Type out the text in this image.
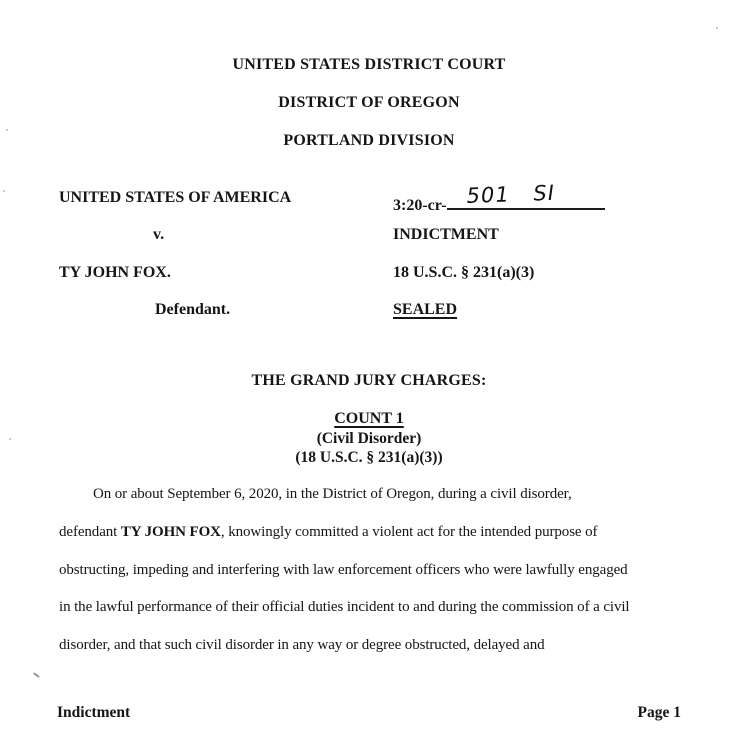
UNITED STATES DISTRICT COURT
DISTRICT OF OREGON
PORTLAND DIVISION
UNITED STATES OF AMERICA
v.
TY JOHN FOX.
Defendant.
3:20-cr- 501 SI
INDICTMENT
18 U.S.C. § 231(a)(3)
SEALED
THE GRAND JURY CHARGES:
COUNT 1
(Civil Disorder)
(18 U.S.C. § 231(a)(3))
On or about September 6, 2020, in the District of Oregon, during a civil disorder,
defendant TY JOHN FOX, knowingly committed a violent act for the intended purpose of
obstructing, impeding and interfering with law enforcement officers who were lawfully engaged
in the lawful performance of their official duties incident to and during the commission of a civil
disorder, and that such civil disorder in any way or degree obstructed, delayed and
Indictment	Page 1
